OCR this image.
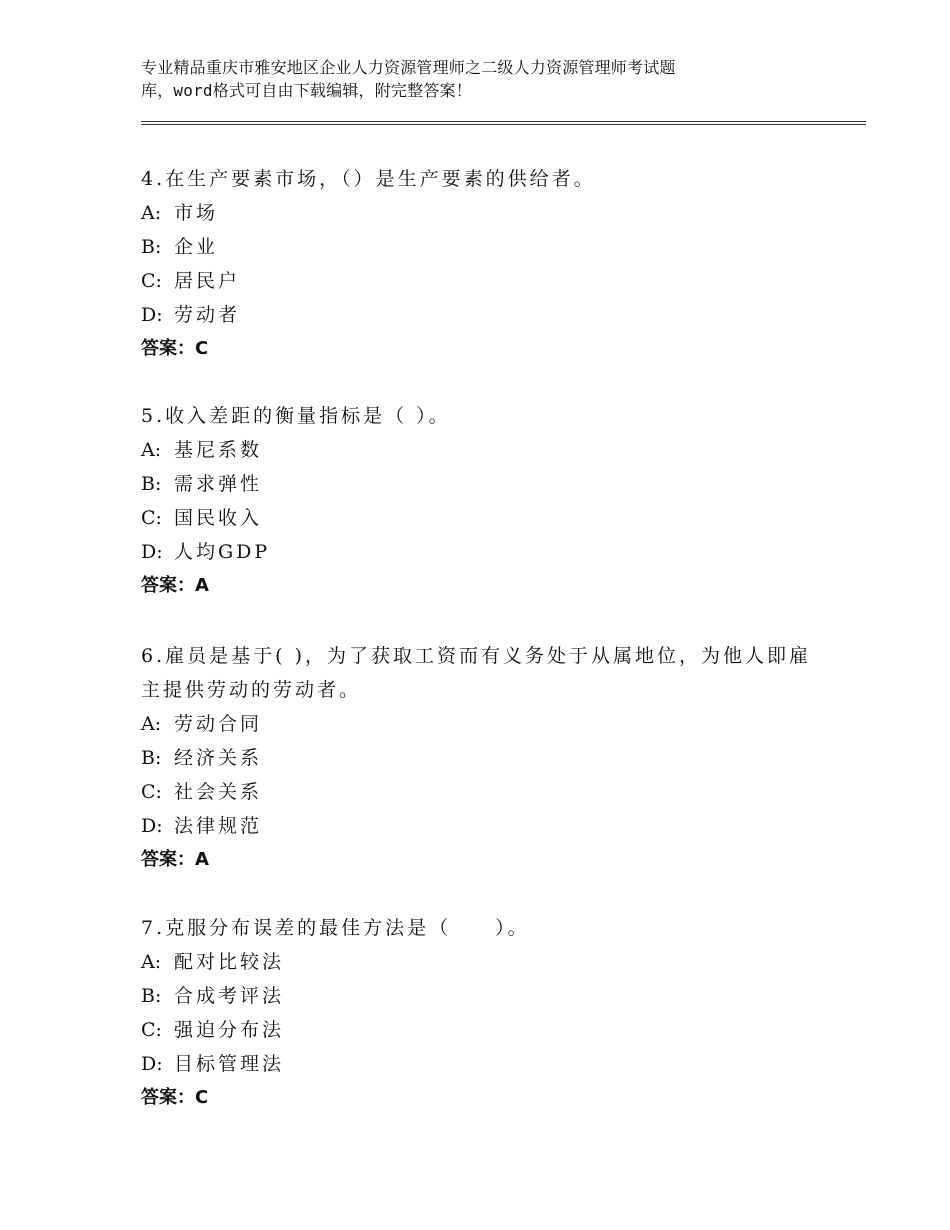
专业精品重庆市雅安地区企业人力资源管理师之二级人力资源管理师考试题
库，word格式可自由下载编辑，附完整答案！
4.在生产要素市场，（）是生产要素的供给者。
A: 市场
B: 企业
C: 居民户
D: 劳动者
答案：C
5.收入差距的衡量指标是（ ）。
A: 基尼系数
B: 需求弹性
C: 国民收入
D: 人均GDP
答案：A
6.雇员是基于( )，为了获取工资而有义务处于从属地位，为他人即雇
主提供劳动的劳动者。
A: 劳动合同
B: 经济关系
C: 社会关系
D: 法律规范
答案：A
7.克服分布误差的最佳方法是（　　）。
A: 配对比较法
B: 合成考评法
C: 强迫分布法
D: 目标管理法
答案：C
